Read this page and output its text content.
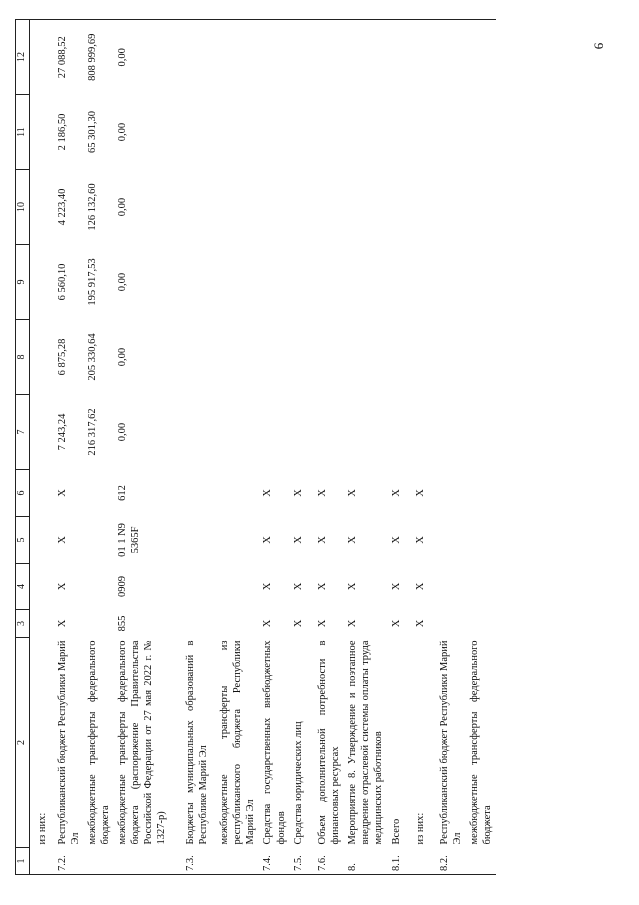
9
1	2	3	4	5	6	7	8	9	10	11	12
	из них:										
7.2.	Республиканский бюджет Республики Марий Эл	Х	Х	Х	Х	7 243,24	6 875,28	6 560,10	4 223,40	2 186,50	27 088,52
	межбюджетные трансферты федерального бюджета					216 317,62	205 330,64	195 917,53	126 132,60	65 301,30	808 999,69
	межбюджетные трансферты федерального бюджета (распоряжение Правительства Российской Федерации от 27 мая 2022 г. № 1327-р)	855	0909	01 1 N9 5365F	612	0,00	0,00	0,00	0,00	0,00	0,00
7.3.	Бюджеты муниципальных образований в Республике Марий Эл										
	межбюджетные трансферты из республиканского бюджета Республики Марий Эл										
7.4.	Средства государственных внебюджетных фондов	Х	Х	Х	Х						
7.5.	Средства юридических лиц	Х	Х	Х	Х						
7.6.	Объем дополнительной потребности в финансовых ресурсах	Х	Х	Х	Х						
8.	Мероприятие 8. Утверждение и поэтапное внедрение отраслевой системы оплаты труда медицинских работников	Х	Х	Х	Х						
8.1.	Всего	Х	Х	Х	Х						
	из них:	Х	Х	Х	Х						
8.2.	Республиканский бюджет Республики Марий Эл										
	межбюджетные трансферты федерального бюджета										
